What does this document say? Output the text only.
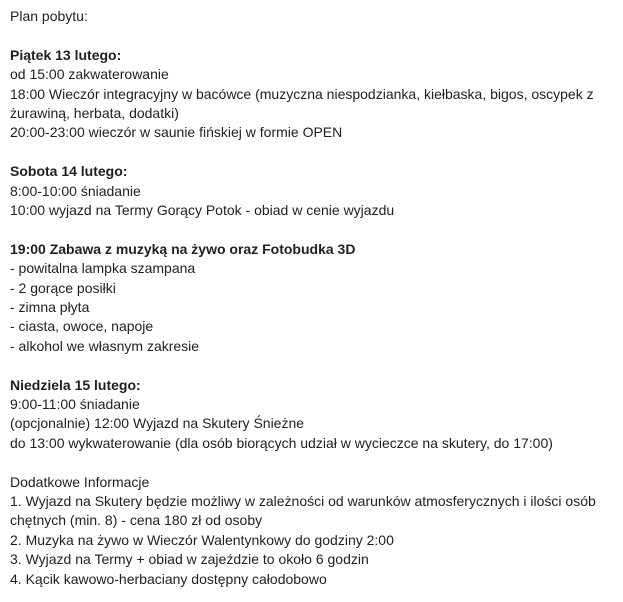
Plan pobytu:
Piątek 13 lutego:
od 15:00 zakwaterowanie
18:00 Wieczór integracyjny w bacówce (muzyczna niespodzianka, kiełbaska, bigos, oscypek z żurawiną, herbata, dodatki)
20:00-23:00 wieczór w saunie fińskiej w formie OPEN
Sobota 14 lutego:
8:00-10:00 śniadanie
10:00 wyjazd na Termy Gorący Potok - obiad w cenie wyjazdu
19:00 Zabawa z muzyką na żywo oraz Fotobudka 3D
- powitalna lampka szampana
- 2 gorące posiłki
- zimna płyta
- ciasta, owoce, napoje
- alkohol we własnym zakresie
Niedziela 15 lutego:
9:00-11:00 śniadanie
(opcjonalnie) 12:00 Wyjazd na Skutery Śnieżne
do 13:00 wykwaterowanie (dla osób biorących udział w wycieczce na skutery, do 17:00)
Dodatkowe Informacje
1. Wyjazd na Skutery będzie możliwy w zależności od warunków atmosferycznych i ilości osób chętnych (min. 8) - cena 180 zł od osoby
2. Muzyka na żywo w Wieczór Walentynkowy do godziny 2:00
3. Wyjazd na Termy + obiad w zajeździe to około 6 godzin
4. Kącik kawowo-herbaciany dostępny całodobowo
